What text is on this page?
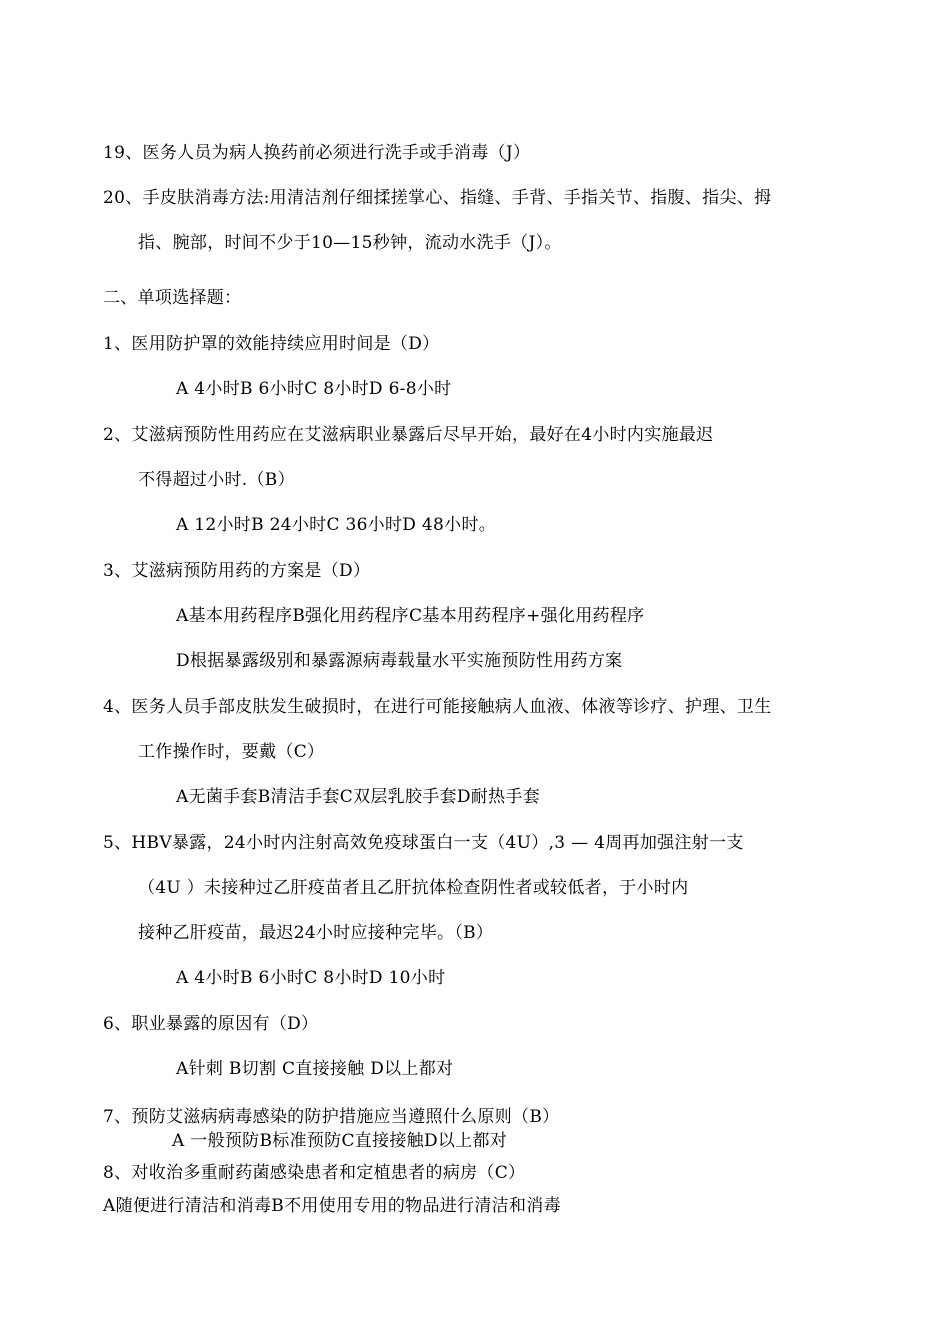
19、医务人员为病人换药前必须进行洗手或手消毒（J）
20、手皮肤消毒方法:用清洁剂仔细揉搓掌心、指缝、手背、手指关节、指腹、指尖、拇
指、腕部，时间不少于10—15秒钟，流动水洗手（J）。
二、单项选择题：
1、医用防护罩的效能持续应用时间是（D）
A 4小时B 6小时C 8小时D 6-8小时
2、艾滋病预防性用药应在艾滋病职业暴露后尽早开始，最好在4小时内实施最迟
不得超过小时.（B）
A 12小时B 24小时C 36小时D 48小时。
3、艾滋病预防用药的方案是（D）
A基本用药程序B强化用药程序C基本用药程序+强化用药程序
D根据暴露级别和暴露源病毒载量水平实施预防性用药方案
4、医务人员手部皮肤发生破损时，在进行可能接触病人血液、体液等诊疗、护理、卫生
工作操作时，要戴（C）
A无菌手套B清洁手套C双层乳胶手套D耐热手套
5、HBV暴露，24小时内注射高效免疫球蛋白一支（4U）,3 — 4周再加强注射一支
（4U ）未接种过乙肝疫苗者且乙肝抗体检查阴性者或较低者，于小时内
接种乙肝疫苗，最迟24小时应接种完毕。（B）
A 4小时B 6小时C 8小时D 10小时
6、职业暴露的原因有（D）
A针刺 B切割 C直接接触 D以上都对
7、预防艾滋病病毒感染的防护措施应当遵照什么原则（B）
A 一般预防B标准预防C直接接触D以上都对
8、对收治多重耐药菌感染患者和定植患者的病房（C）
A随便进行清洁和消毒B不用使用专用的物品进行清洁和消毒
